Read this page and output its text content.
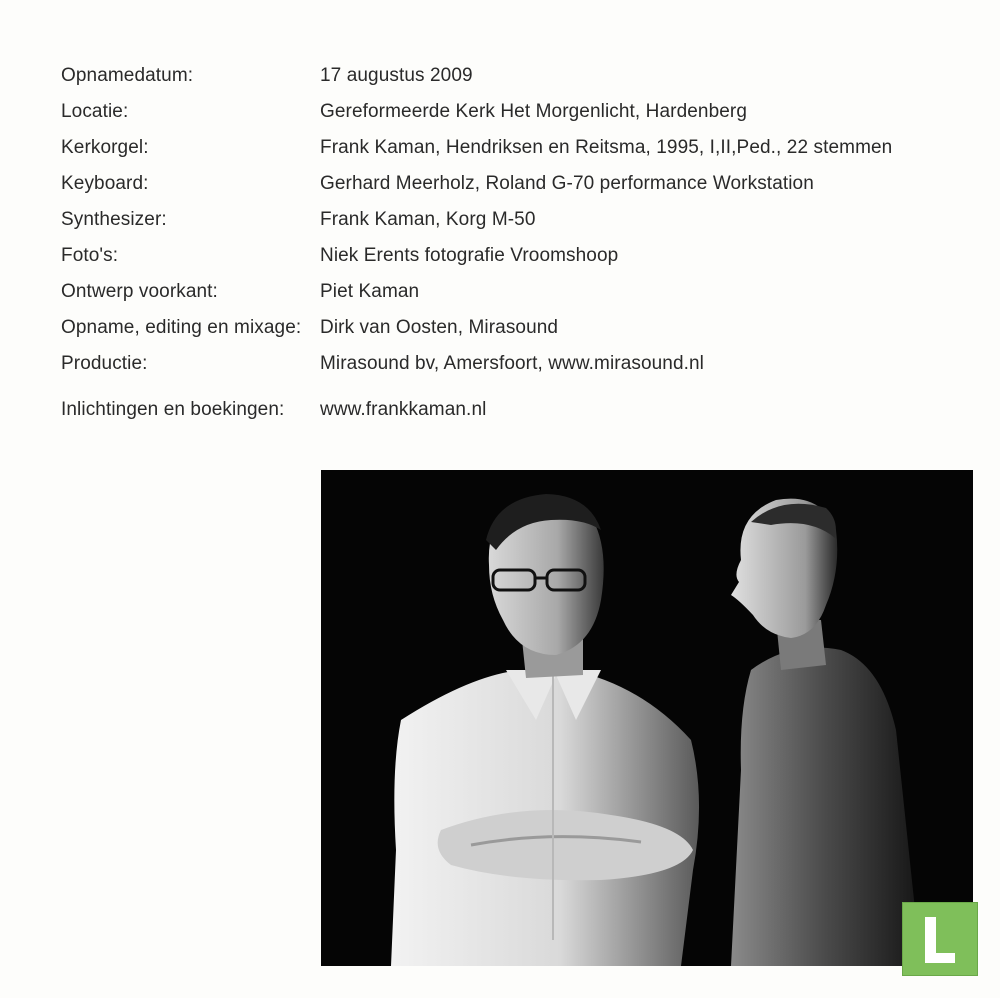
Opnamedatum:	17 augustus 2009
Locatie:	Gereformeerde Kerk Het Morgenlicht, Hardenberg
Kerkorgel:	Frank Kaman, Hendriksen en Reitsma, 1995, I,II,Ped., 22 stemmen
Keyboard:	Gerhard Meerholz, Roland G-70 performance Workstation
Synthesizer:	Frank Kaman, Korg M-50
Foto's:	Niek Erents fotografie Vroomshoop
Ontwerp voorkant:	Piet Kaman
Opname, editing en mixage: Dirk van Oosten, Mirasound
Productie:	Mirasound bv, Amersfoort, www.mirasound.nl
Inlichtingen en boekingen:	www.frankkaman.nl
